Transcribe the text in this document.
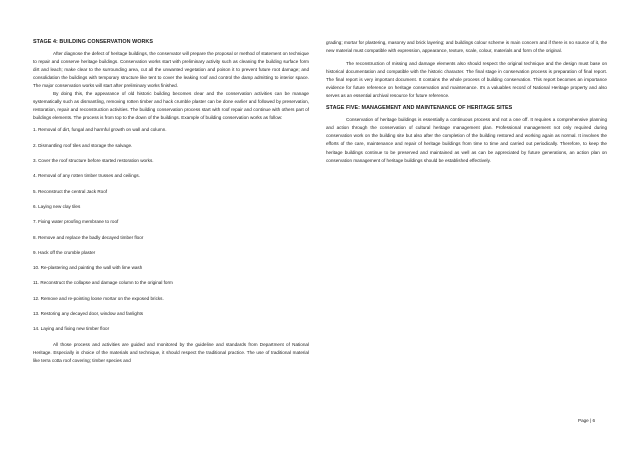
STAGE 4: BUILDING CONSERVATION WORKS

After diagnose the defect of heritage buildings, the conservator will prepare the proposal or method of statement on technique to repair and conserve heritage buildings. Conservation works start with preliminary activity such as cleaning the building surface form dirt and leach; make clear to the surrounding area, cut all the unwanted vegetation and poison it to prevent future root damage; and consolidation the buildings with temporary structure like tent to cover the leaking roof and control the damp admitting to interior space. The major conservation works will start after preliminary works finished.

By doing this, the appearance of old historic building becomes clear and the conservation activities can be manage systematically such as dismantling, removing rotten timber and hack crumble plaster can be done earlier and followed by preservation, restoration, repair and reconstruction activities. The building conservation process start with roof repair and continue with others part of buildings elements. The process is from top to the down of the buildings. Example of building conservation works as follow:

1. Removal of dirt, fungal and harmful growth on wall and column.
2. Dismantling roof tiles and storage the salvage.
3. Cover the roof structure before started restoration works.
4. Removal of any rotten timber trusses and ceilings.
5. Reconstruct the central Jack Roof
6. Laying new clay tiles
7. Fixing water proofing membrane to roof
8. Remove and replace the badly decayed timber floor
9. Hack off the crumble plaster
10. Re-plastering and painting the wall with lime wash
11. Reconstruct the collapse and damage column to the original form
12. Remove and re-pointing loose mortar on the exposed bricks.
13. Restoring any decayed door, window and fanlights
14. Laying and fixing new timber floor

All those process and activities are guided and monitored by the guideline and standards from Department of National Heritage. Especially in choice of the materials and technique, it should respect the traditional practice. The use of traditional material like terra cotta roof covering; timber species and

grading; mortar for plastering, masonry and brick layering; and buildings colour scheme is main concern and if there is no source of it, the new material must compatible with expression, appearance, texture, scale, colour, materials and form of the original.

The reconstruction of missing and damage elements also should respect the original technique and the design must base on historical documentation and compatible with the historic character. The final stage in conservation process is preparation of final report. The final report is very important document. It contains the whole process of building conservation. This report becomes an importance evidence for future reference on heritage conservation and maintenance. It's a valuables record of National Heritage property and also serves as an essential archival resource for future reference.

STAGE FIVE: MANAGEMENT AND MAINTENANCE OF HERITAGE SITES

Conservation of heritage buildings is essentially a continuous process and not a one off. It requires a comprehensive planning and action through the conservation of cultural heritage management plan. Professional management not only required during conservation work on the building site but also after the completion of the building restored and working again as normal. It involves the efforts of the care, maintenance and repair of heritage buildings from time to time and carried out periodically. Therefore, to keep the heritage buildings continue to be preserved and maintained as well as can be appreciated by future generations, an action plan on conservation management of heritage buildings should be established effectively.

Page | 6
